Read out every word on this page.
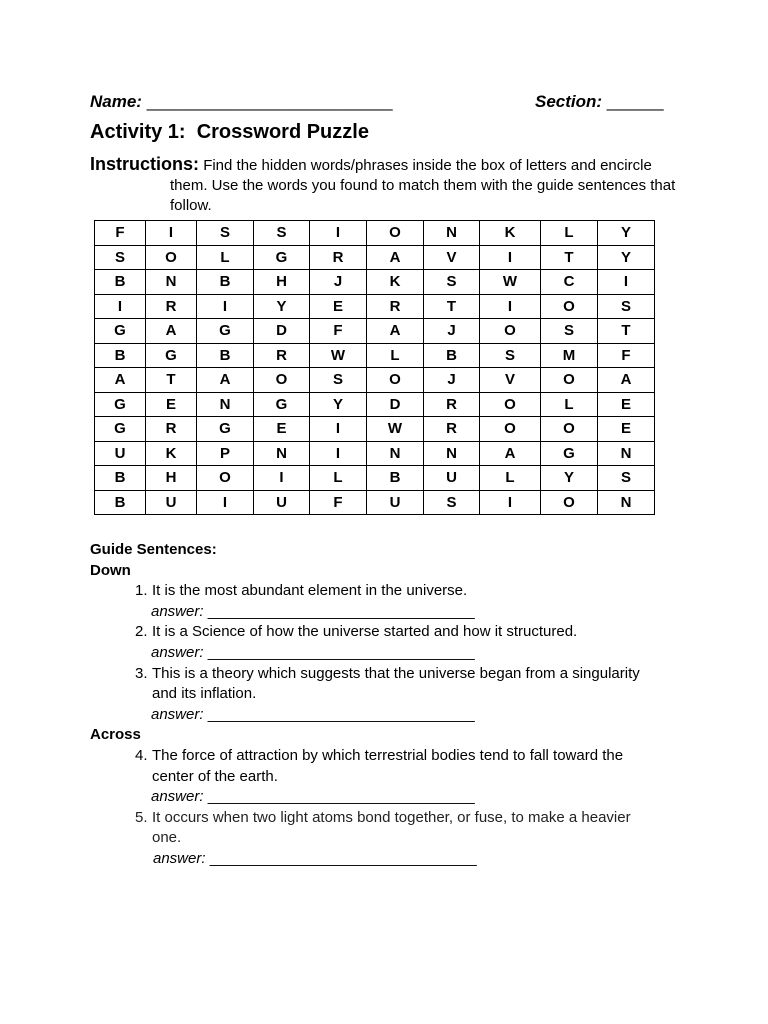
Name: __________________________	Section: ______
Activity 1:  Crossword Puzzle
Instructions: Find the hidden words/phrases inside the box of letters and encircle
them. Use the words you found to match them with the guide sentences that
follow.
F	I	S	S	I	O	N	K	L	Y
S	O	L	G	R	A	V	I	T	Y
B	N	B	H	J	K	S	W	C	I
I	R	I	Y	E	R	T	I	O	S
G	A	G	D	F	A	J	O	S	T
B	G	B	R	W	L	B	S	M	F
A	T	A	O	S	O	J	V	O	A
G	E	N	G	Y	D	R	O	L	E
G	R	G	E	I	W	R	O	O	E
U	K	P	N	I	N	N	A	G	N
B	H	O	I	L	B	U	L	Y	S
B	U	I	U	F	U	S	I	O	N
Guide Sentences:
Down
1. It is the most abundant element in the universe.
answer: ________________________________
2. It is a Science of how the universe started and how it structured.
answer: ________________________________
3. This is a theory which suggests that the universe began from a singularity
and its inflation.
answer: ________________________________
Across
4. The force of attraction by which terrestrial bodies tend to fall toward the
center of the earth.
answer: ________________________________
5. It occurs when two light atoms bond together, or fuse, to make a heavier
one.
answer: ________________________________
